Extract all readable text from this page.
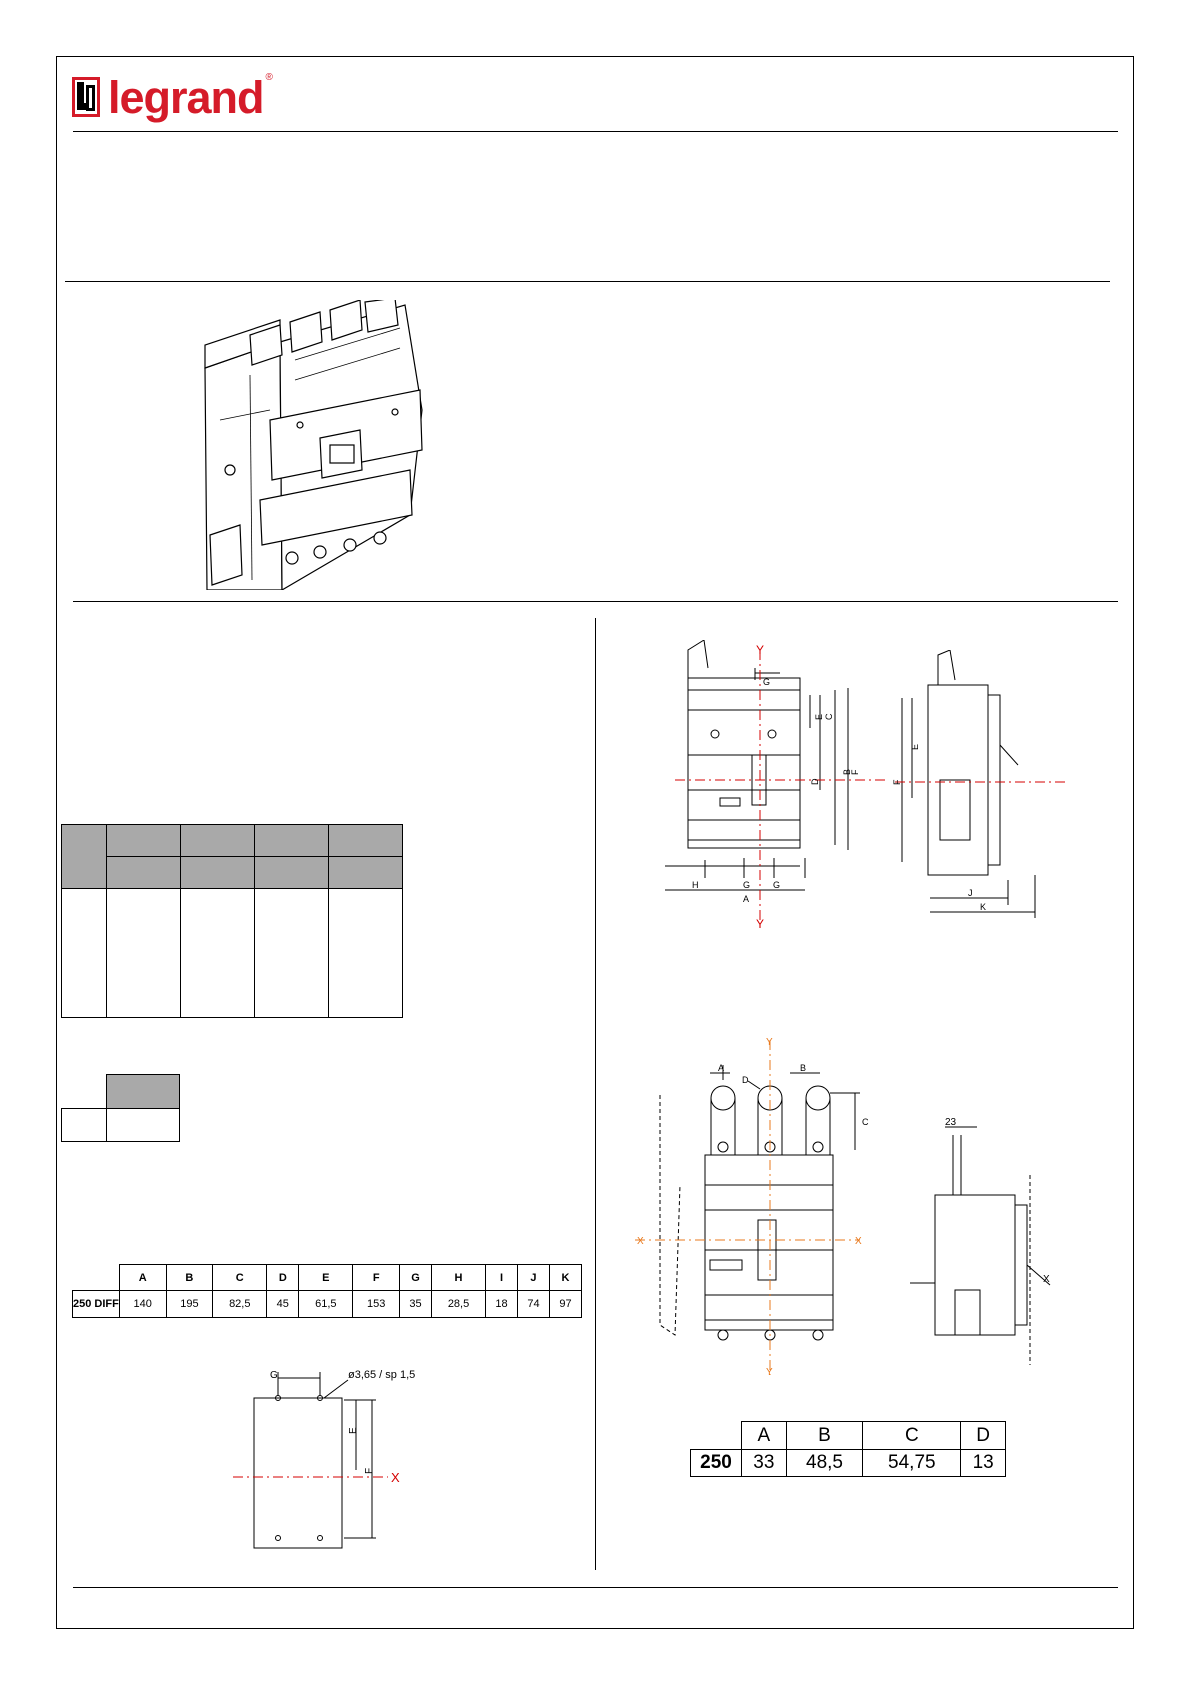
legrand ®

	A	B	C	D	E	F	G	H	I	J	K
250 DIFF	140	195	82,5	45	61,5	153	35	28,5	18	74	97
G	ø3,65 / sp 1,5
E
F X
Y
Y
G
E C
D
B
F
H	G	G
A
E
F
J
K
Y
Y
X	X
A	B
C
D
23
X
	A	B	C	D
250	33	48,5	54,75	13
